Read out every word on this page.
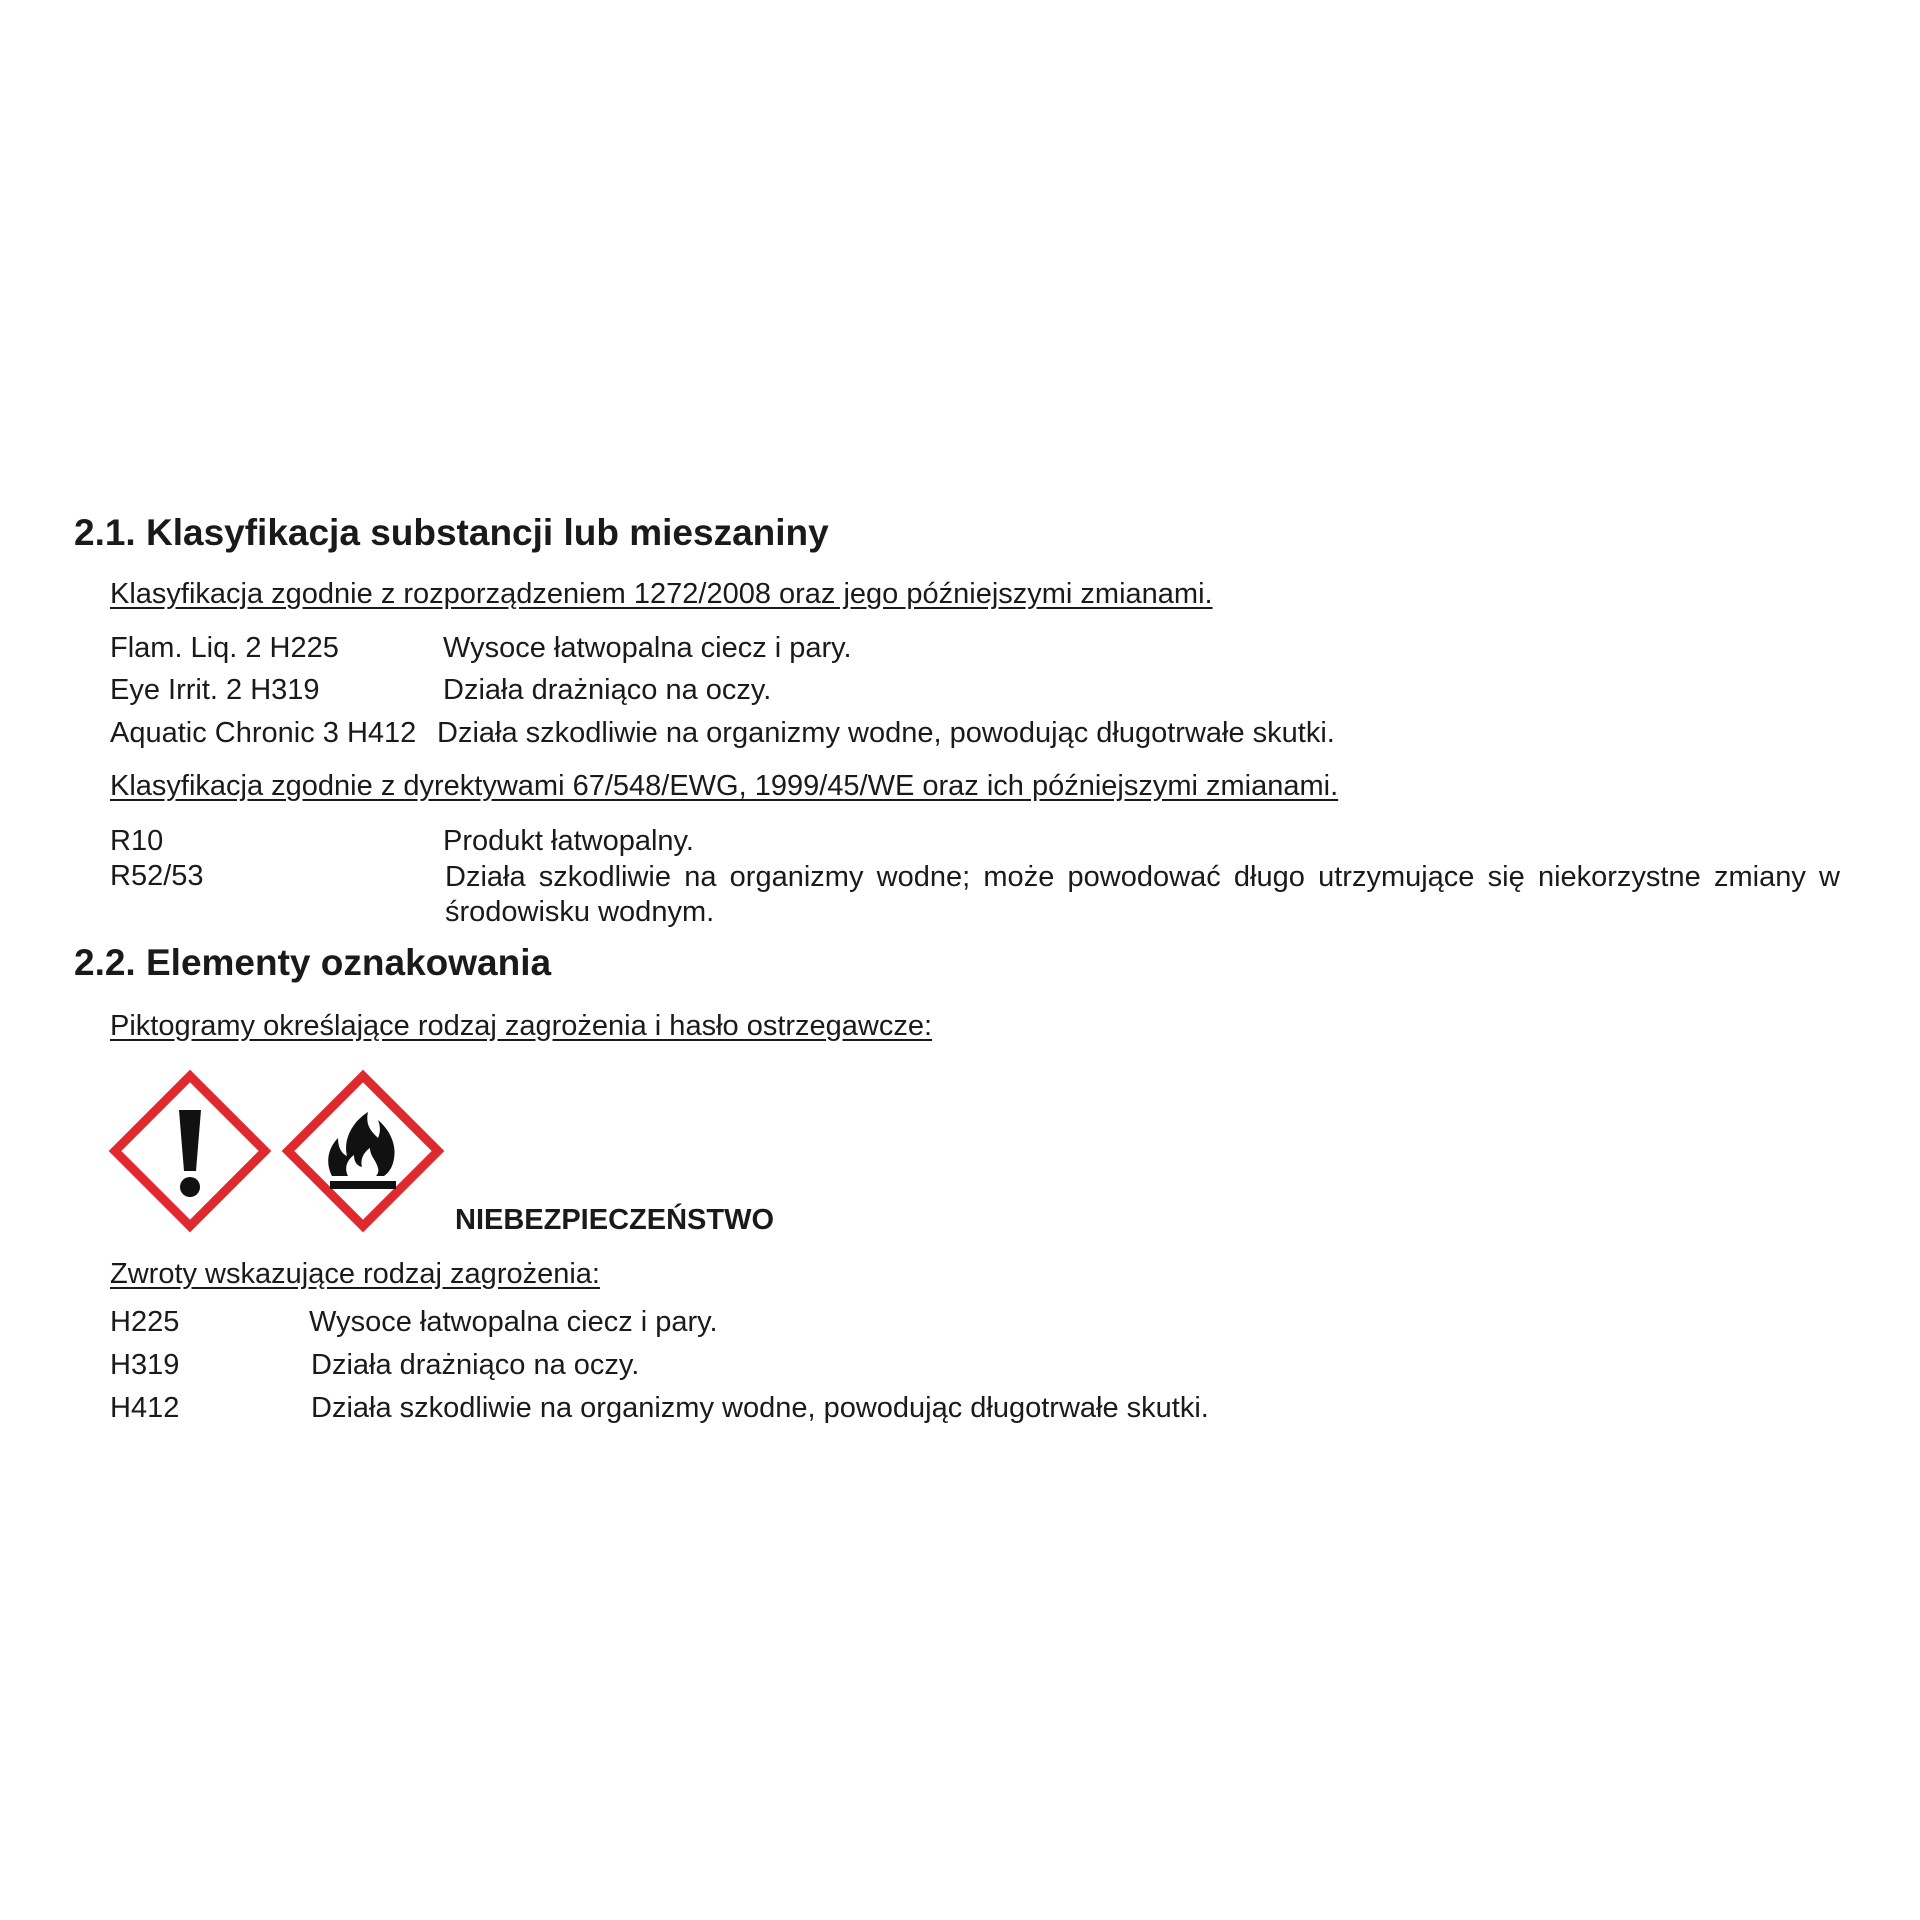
2.1. Klasyfikacja substancji lub mieszaniny
Klasyfikacja zgodnie z rozporządzeniem 1272/2008 oraz jego późniejszymi zmianami.
Flam. Liq. 2 H225	Wysoce łatwopalna ciecz i pary.
Eye Irrit. 2 H319	Działa drażniąco na oczy.
Aquatic Chronic 3 H412 Działa szkodliwie na organizmy wodne, powodując długotrwałe skutki.
Klasyfikacja zgodnie z dyrektywami 67/548/EWG, 1999/45/WE oraz ich późniejszymi zmianami.
R10	Produkt łatwopalny.
R52/53	Działa szkodliwie na organizmy wodne; może powodować długo utrzymujące się niekorzystne zmiany w środowisku wodnym.
2.2. Elementy oznakowania
Piktogramy określające rodzaj zagrożenia i hasło ostrzegawcze:
NIEBEZPIECZEŃSTWO
Zwroty wskazujące rodzaj zagrożenia:
H225	Wysoce łatwopalna ciecz i pary.
H319	Działa drażniąco na oczy.
H412	Działa szkodliwie na organizmy wodne, powodując długotrwałe skutki.
